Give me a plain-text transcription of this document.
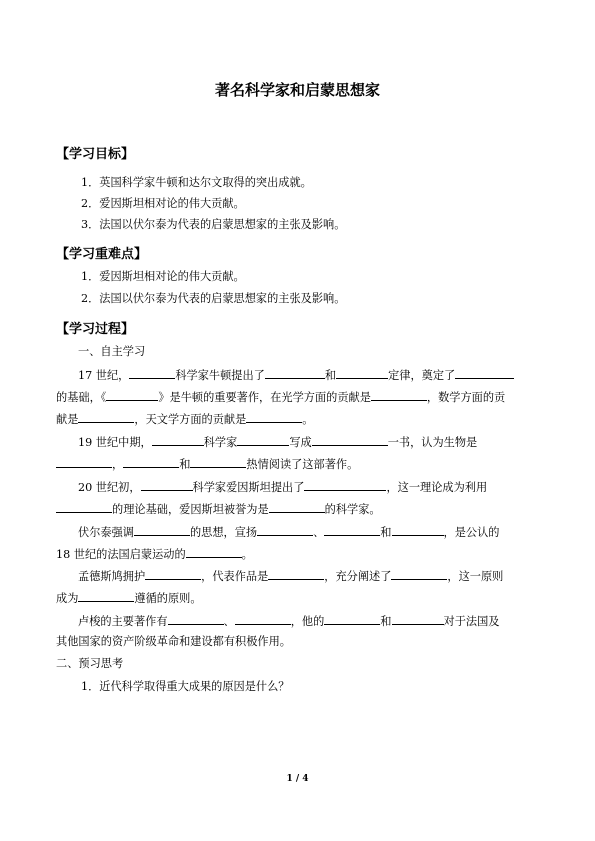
著名科学家和启蒙思想家
【学习目标】
1．英国科学家牛顿和达尔文取得的突出成就。
2．爱因斯坦相对论的伟大贡献。
3．法国以伏尔泰为代表的启蒙思想家的主张及影响。
【学习重难点】
1．爱因斯坦相对论的伟大贡献。
2．法国以伏尔泰为代表的启蒙思想家的主张及影响。
【学习过程】
一、自主学习
17 世纪，	科学家牛顿提出了	和	定律，奠定了
的基础，《	》是牛顿的重要著作，在光学方面的贡献是	，数学方面的贡
献是	，天文学方面的贡献是	。
19 世纪中期，	科学家	写成	一书，认为生物是
，	和	热情阅读了这部著作。
20 世纪初，	科学家爱因斯坦提出了	，这一理论成为利用
的理论基础，爱因斯坦被誉为是	的科学家。
伏尔泰强调	的思想，宣扬	、	和	，是公认的
18 世纪的法国启蒙运动的	。
孟德斯鸠拥护	，代表作品是	，充分阐述了	，这一原则
成为	遵循的原则。
卢梭的主要著作有	、	，他的	和	对于法国及
其他国家的资产阶级革命和建设都有积极作用。
二、预习思考
1．近代科学取得重大成果的原因是什么？
1 / 4
